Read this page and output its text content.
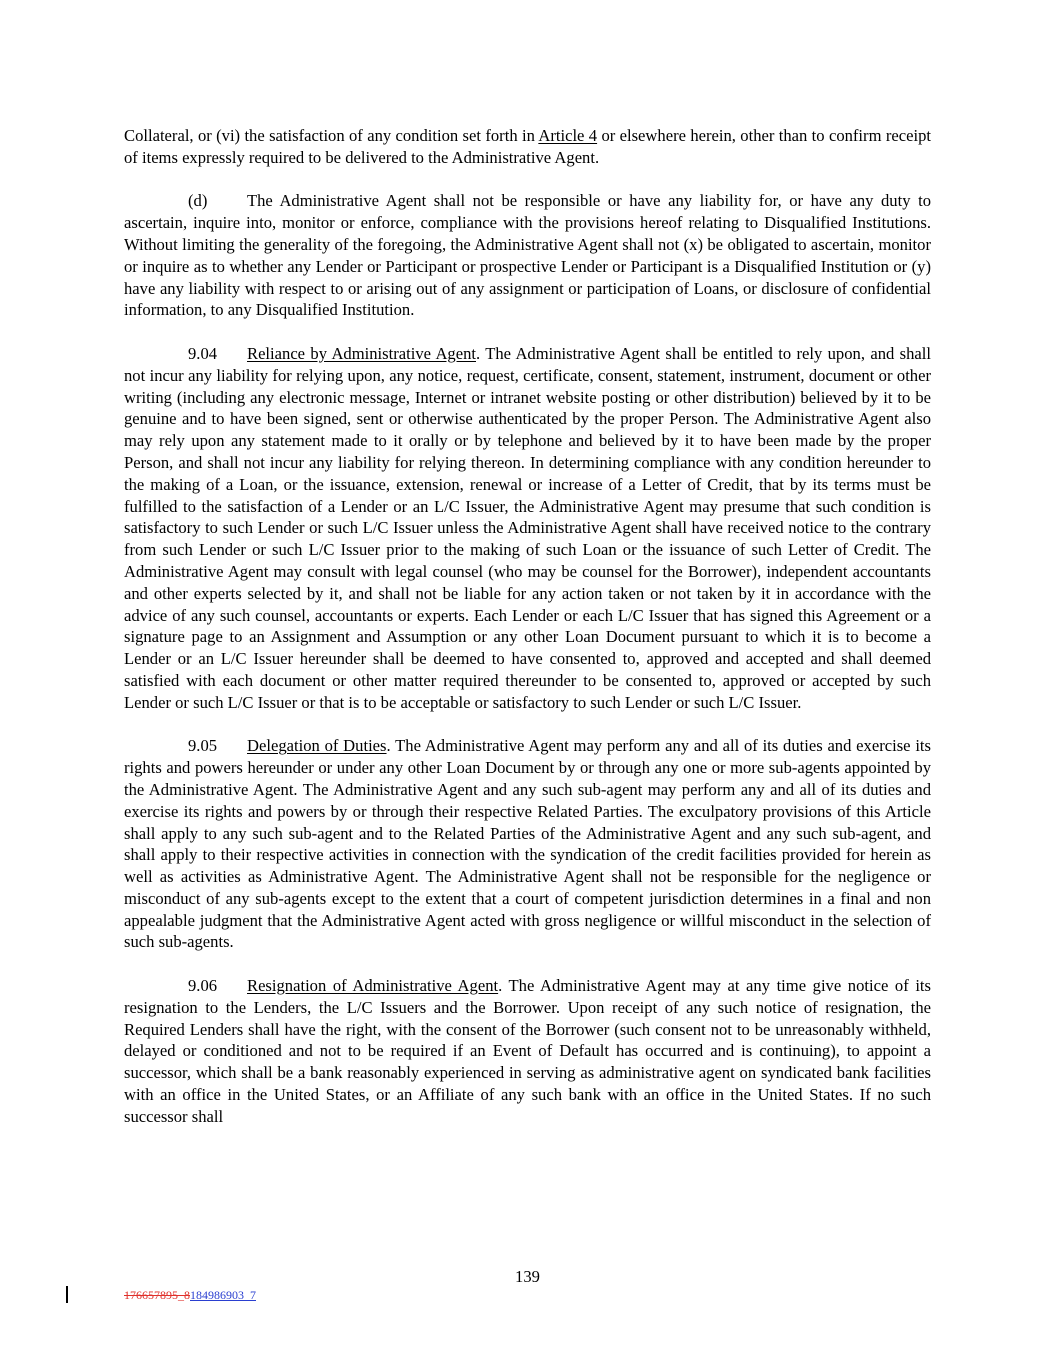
Collateral, or (vi) the satisfaction of any condition set forth in Article 4 or elsewhere herein, other than to confirm receipt of items expressly required to be delivered to the Administrative Agent.

(d) The Administrative Agent shall not be responsible or have any liability for, or have any duty to ascertain, inquire into, monitor or enforce, compliance with the provisions hereof relating to Disqualified Institutions. Without limiting the generality of the foregoing, the Administrative Agent shall not (x) be obligated to ascertain, monitor or inquire as to whether any Lender or Participant or prospective Lender or Participant is a Disqualified Institution or (y) have any liability with respect to or arising out of any assignment or participation of Loans, or disclosure of confidential information, to any Disqualified Institution.

9.04 Reliance by Administrative Agent. The Administrative Agent shall be entitled to rely upon, and shall not incur any liability for relying upon, any notice, request, certificate, consent, statement, instrument, document or other writing (including any electronic message, Internet or intranet website posting or other distribution) believed by it to be genuine and to have been signed, sent or otherwise authenticated by the proper Person. The Administrative Agent also may rely upon any statement made to it orally or by telephone and believed by it to have been made by the proper Person, and shall not incur any liability for relying thereon. In determining compliance with any condition hereunder to the making of a Loan, or the issuance, extension, renewal or increase of a Letter of Credit, that by its terms must be fulfilled to the satisfaction of a Lender or an L/C Issuer, the Administrative Agent may presume that such condition is satisfactory to such Lender or such L/C Issuer unless the Administrative Agent shall have received notice to the contrary from such Lender or such L/C Issuer prior to the making of such Loan or the issuance of such Letter of Credit. The Administrative Agent may consult with legal counsel (who may be counsel for the Borrower), independent accountants and other experts selected by it, and shall not be liable for any action taken or not taken by it in accordance with the advice of any such counsel, accountants or experts. Each Lender or each L/C Issuer that has signed this Agreement or a signature page to an Assignment and Assumption or any other Loan Document pursuant to which it is to become a Lender or an L/C Issuer hereunder shall be deemed to have consented to, approved and accepted and shall deemed satisfied with each document or other matter required thereunder to be consented to, approved or accepted by such Lender or such L/C Issuer or that is to be acceptable or satisfactory to such Lender or such L/C Issuer.

9.05 Delegation of Duties. The Administrative Agent may perform any and all of its duties and exercise its rights and powers hereunder or under any other Loan Document by or through any one or more sub-agents appointed by the Administrative Agent. The Administrative Agent and any such sub-agent may perform any and all of its duties and exercise its rights and powers by or through their respective Related Parties. The exculpatory provisions of this Article shall apply to any such sub-agent and to the Related Parties of the Administrative Agent and any such sub-agent, and shall apply to their respective activities in connection with the syndication of the credit facilities provided for herein as well as activities as Administrative Agent. The Administrative Agent shall not be responsible for the negligence or misconduct of any sub-agents except to the extent that a court of competent jurisdiction determines in a final and non appealable judgment that the Administrative Agent acted with gross negligence or willful misconduct in the selection of such sub-agents.

9.06 Resignation of Administrative Agent. The Administrative Agent may at any time give notice of its resignation to the Lenders, the L/C Issuers and the Borrower. Upon receipt of any such notice of resignation, the Required Lenders shall have the right, with the consent of the Borrower (such consent not to be unreasonably withheld, delayed or conditioned and not to be required if an Event of Default has occurred and is continuing), to appoint a successor, which shall be a bank reasonably experienced in serving as administrative agent on syndicated bank facilities with an office in the United States, or an Affiliate of any such bank with an office in the United States. If no such successor shall

139
176657895_8184986903_7
